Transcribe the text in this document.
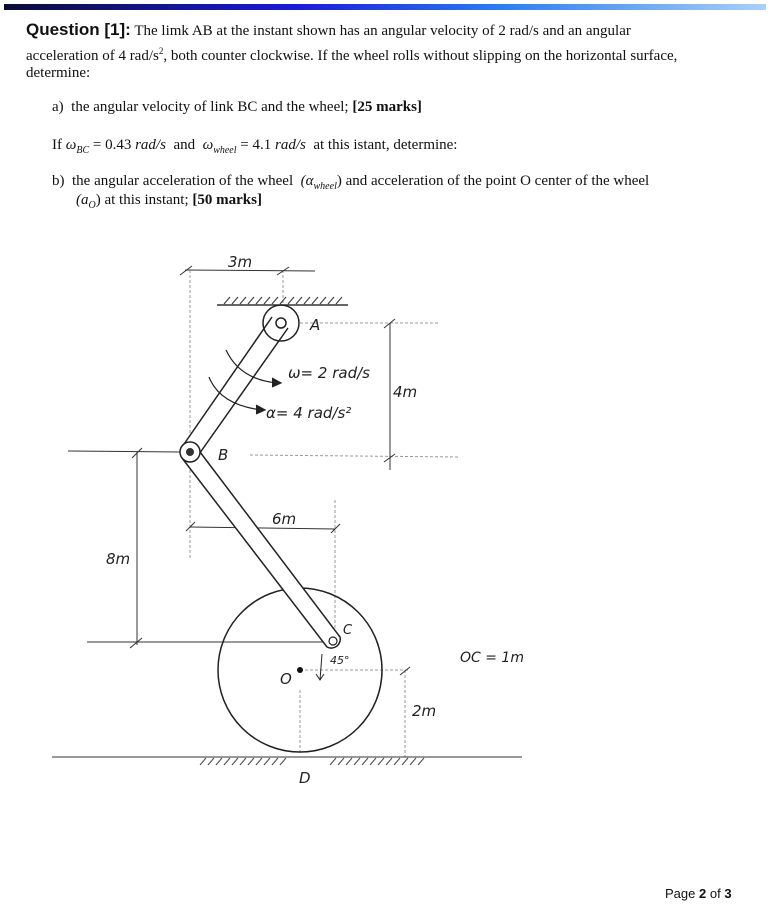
Question [1]: The limk AB at the instant shown has an angular velocity of 2 rad/s and an angular
acceleration of 4 rad/$s^2$, both counter clockwise. If the wheel rolls without slipping on the horizontal surface,
determine:
a) the angular velocity of link BC and the wheel; [25 marks]
If $\omega_{BC} = 0.43$ rad/s and $\omega_{wheel} = 4.1$ rad/s at this istant, determine:
b) the angular acceleration of the wheel $(\alpha_{wheel})$ and acceleration of the point O center of the wheel
$(a_O)$ at this instant; [50 marks]
3m
4m
6m
8m
2m
A
B
C
O
D
ω= 2 rad/s
α= 4 rad/s²
45°	OC = 1m
Page 2 of 3
